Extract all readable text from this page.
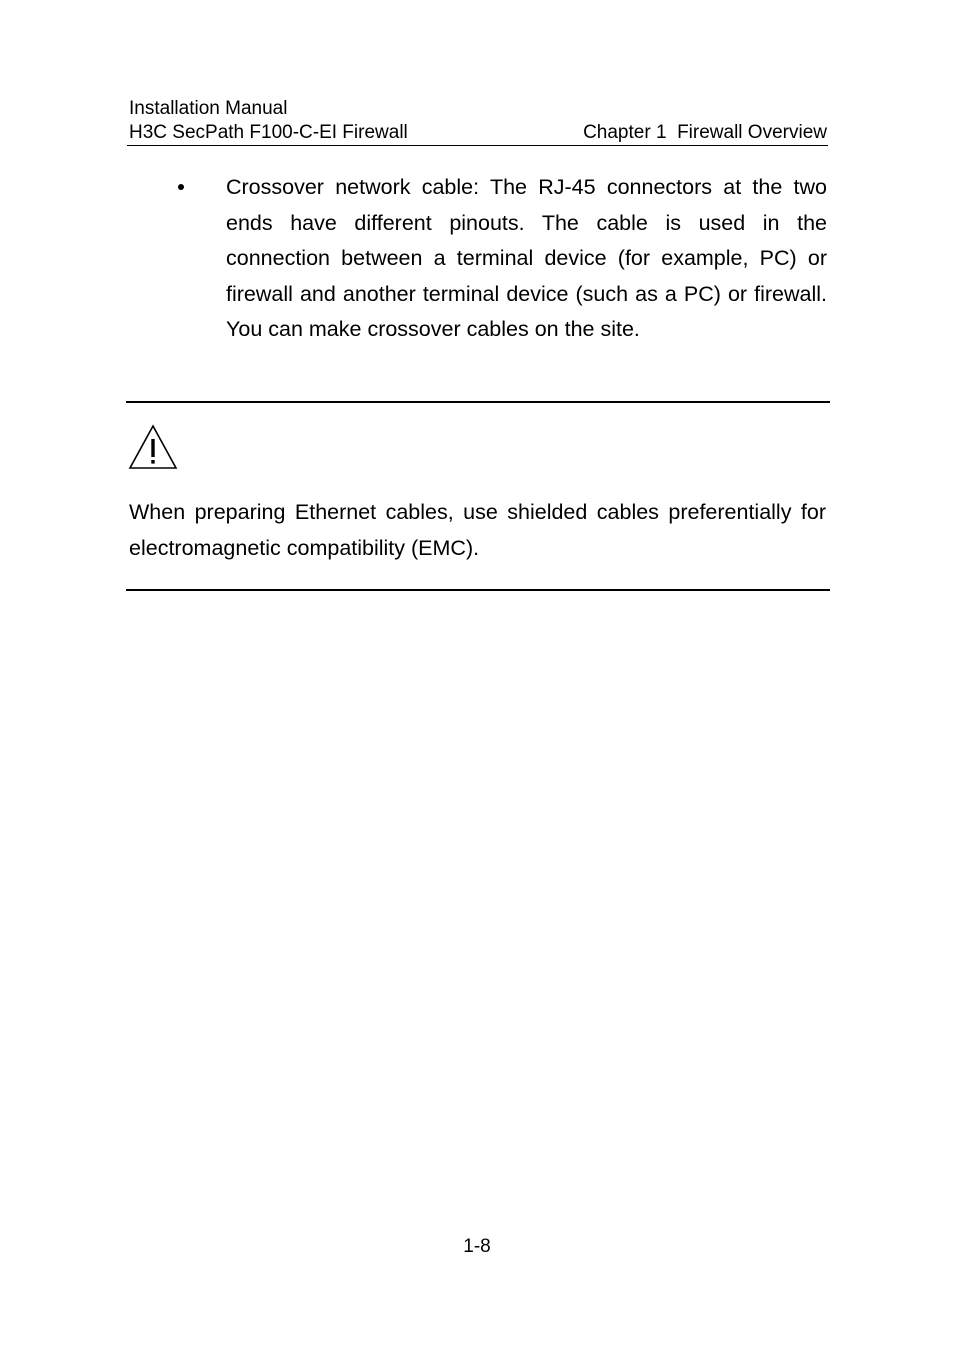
Installation Manual
H3C SecPath F100-C-EI Firewall	Chapter 1  Firewall Overview
Crossover network cable: The RJ-45 connectors at the two ends have different pinouts. The cable is used in the connection between a terminal device (for example, PC) or firewall and another terminal device (such as a PC) or firewall. You can make crossover cables on the site.
When preparing Ethernet cables, use shielded cables preferentially for electromagnetic compatibility (EMC).
1-8
